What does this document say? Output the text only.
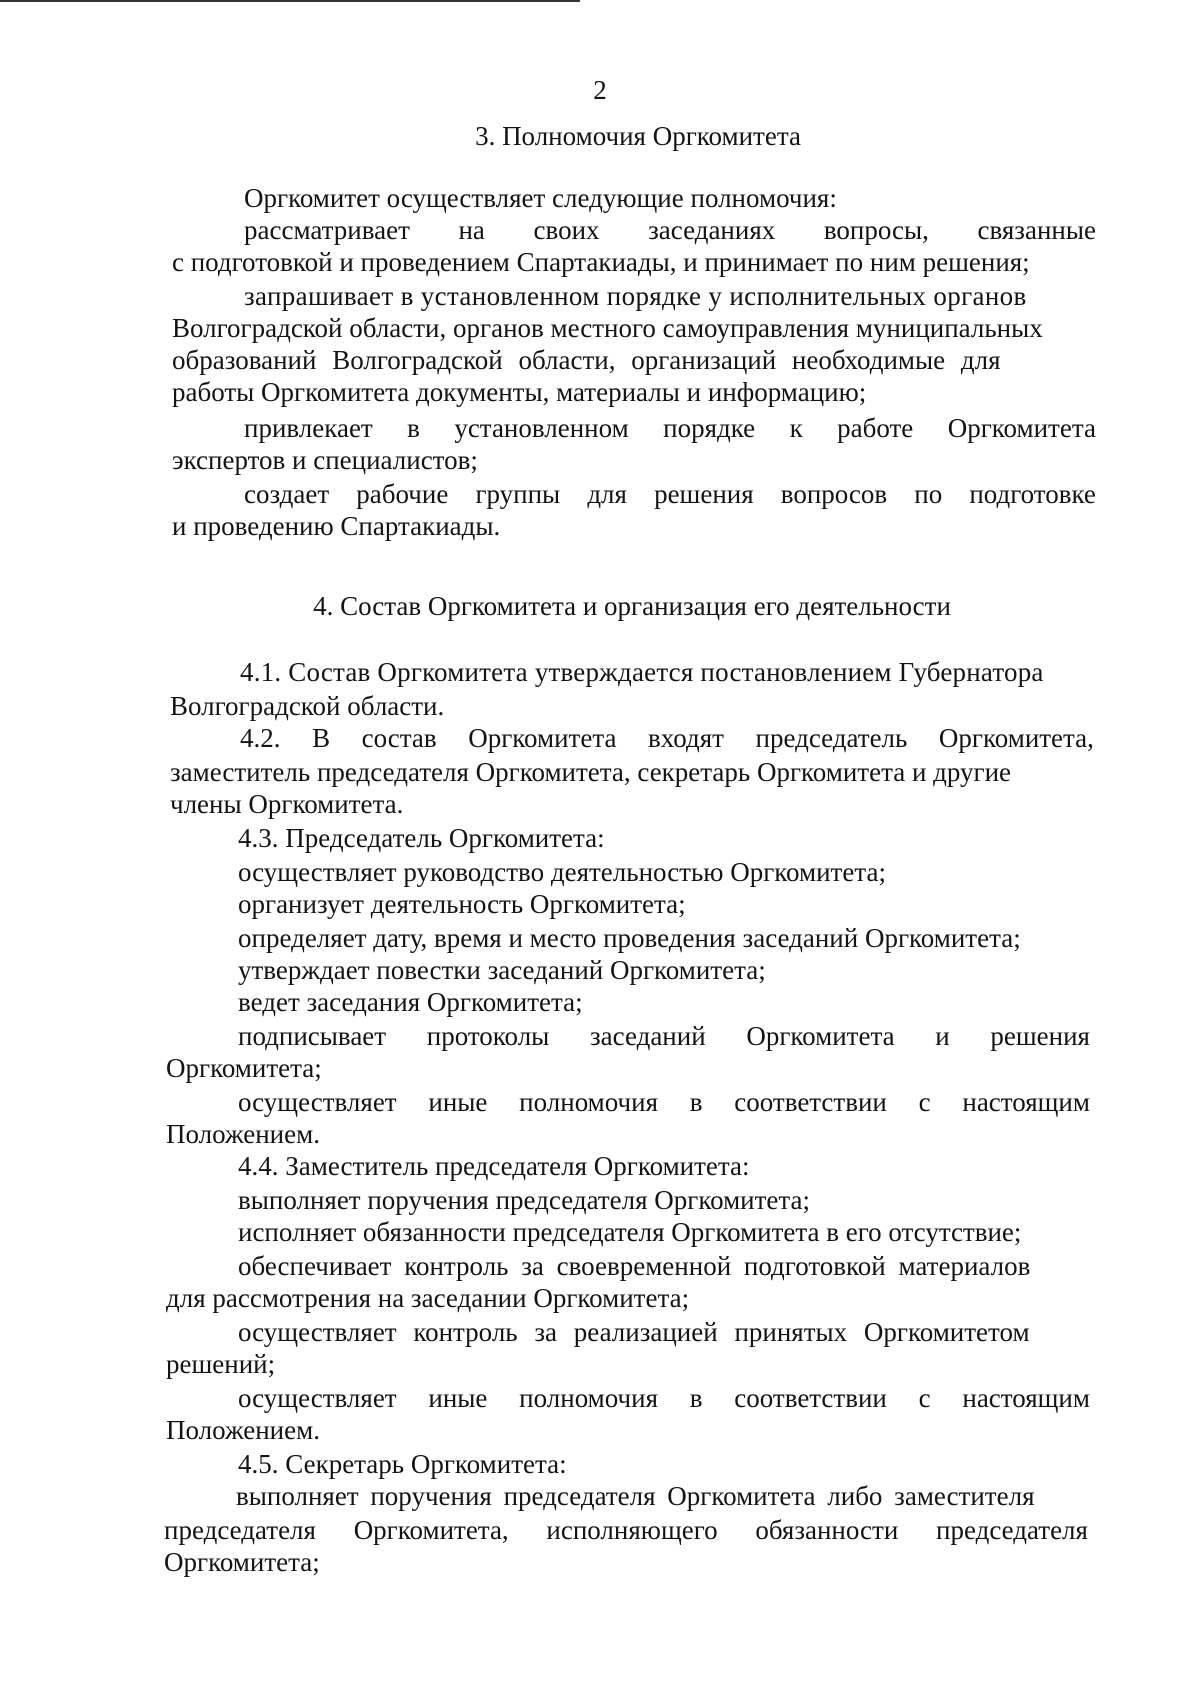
2
3. Полномочия Оргкомитета
Оргкомитет осуществляет следующие полномочия:
рассматривает на своих заседаниях вопросы, связанные
с подготовкой и проведением Спартакиады, и принимает по ним решения;
запрашивает в установленном порядке у исполнительных органов
Волгоградской области, органов местного самоуправления муниципальных
образований Волгоградской области, организаций необходимые для
работы Оргкомитета документы, материалы и информацию;
привлекает в установленном порядке к работе Оргкомитета
экспертов и специалистов;
создает рабочие группы для решения вопросов по подготовке
и проведению Спартакиады.
4. Состав Оргкомитета и организация его деятельности
4.1. Состав Оргкомитета утверждается постановлением Губернатора
Волгоградской области.
4.2. В состав Оргкомитета входят председатель Оргкомитета,
заместитель председателя Оргкомитета, секретарь Оргкомитета и другие
члены Оргкомитета.
4.3. Председатель Оргкомитета:
осуществляет руководство деятельностью Оргкомитета;
организует деятельность Оргкомитета;
определяет дату, время и место проведения заседаний Оргкомитета;
утверждает повестки заседаний Оргкомитета;
ведет заседания Оргкомитета;
подписывает протоколы заседаний Оргкомитета и решения
Оргкомитета;
осуществляет иные полномочия в соответствии с настоящим
Положением.
4.4. Заместитель председателя Оргкомитета:
выполняет поручения председателя Оргкомитета;
исполняет обязанности председателя Оргкомитета в его отсутствие;
обеспечивает контроль за своевременной подготовкой материалов
для рассмотрения на заседании Оргкомитета;
осуществляет контроль за реализацией принятых Оргкомитетом
решений;
осуществляет иные полномочия в соответствии с настоящим
Положением.
4.5. Секретарь Оргкомитета:
выполняет поручения председателя Оргкомитета либо заместителя
председателя Оргкомитета, исполняющего обязанности председателя
Оргкомитета;
